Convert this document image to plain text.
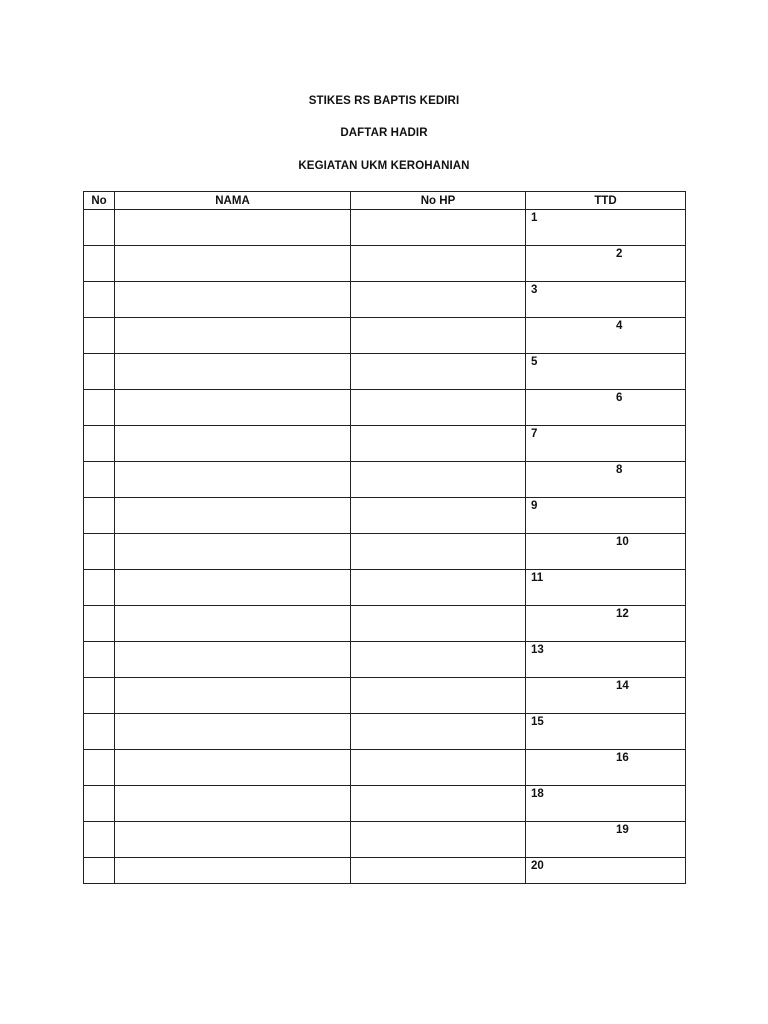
STIKES RS BAPTIS KEDIRI
DAFTAR HADIR
KEGIATAN UKM KEROHANIAN
No	NAMA	No HP	TTD
			1
			2
			3
			4
			5
			6
			7
			8
			9
			10
			11
			12
			13
			14
			15
			16
			18
			19
			20
